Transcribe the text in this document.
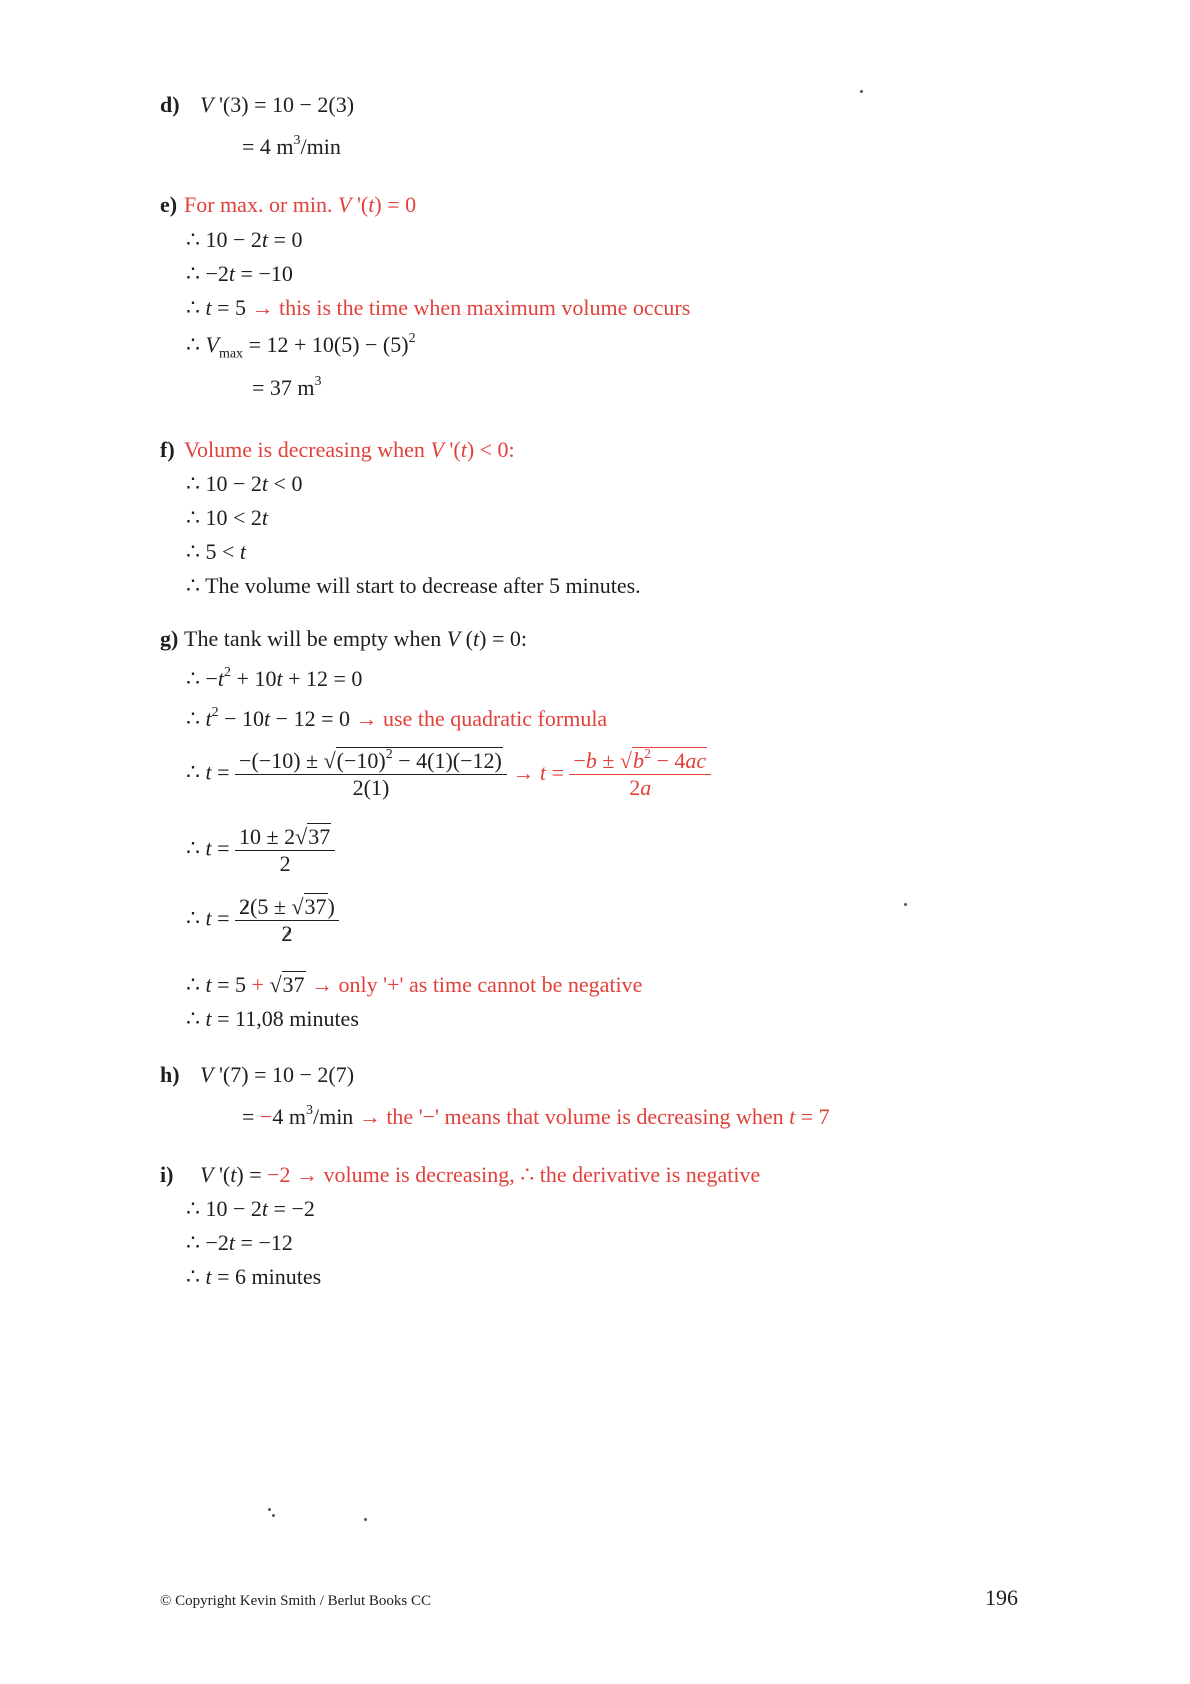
d) V '(3) = 10 − 2(3)
= 4 $m^3/\min$
e) For max. or min. V '(t) = 0
∴ 10 − 2t = 0
∴ −2t = −10
∴ t = 5 → this is the time when maximum volume occurs
∴ $V_{max} = 12 + 10(5) - (5)^2$
= 37 $m^3$
f) Volume is decreasing when V '(t) < 0:
∴ 10 − 2t < 0
∴ 10 < 2t
∴ 5 < t
∴ The volume will start to decrease after 5 minutes.
g) The tank will be empty when V (t) = 0:
∴ $-t^2 + 10t + 12 = 0$
∴ $t^2 - 10t - 12 = 0$ → use the quadratic formula
∴ $t = \frac{-(-10) \pm √(-10)^2 - 4(1)(-12)}{2(1)} \to t = \frac{-b \pm √b^2 - 4ac}{2a}$
∴ $t = \frac{10 \pm 2√37}{2}$
∴ $t = \frac{2(5 \pm √37)}{2}$
∴ t = 5 + √37 → only '+' as time cannot be negative
∴ t = 11,08 minutes
h) V '(7) = 10 − 2(7)
= −4 $m^3/\min$ → the '−' means that volume is decreasing when t = 7
i) V '(t) = −2 → volume is decreasing, ∴ the derivative is negative
∴ 10 − 2t = −2
∴ −2t = −12
∴ t = 6 minutes
© Copyright Kevin Smith / Berlut Books CC	196
